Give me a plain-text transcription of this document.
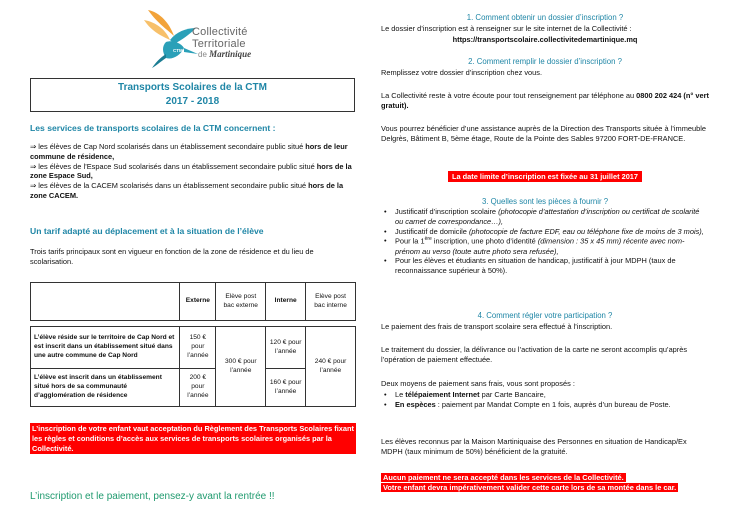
CTM
Collectivité
Territoriale
de Martinique
Transports Scolaires de la CTM
2017 - 2018
Les services de transports scolaires de la CTM concernent :
⇒ les élèves de Cap Nord scolarisés dans un établissement secondaire public situé hors de leur commune de résidence,
⇒ les élèves de l’Espace Sud scolarisés dans un établissement secondaire public situé hors de la zone Espace Sud,
⇒ les élèves de la CACEM scolarisés dans un établissement secondaire public situé hors de la zone CACEM.
Un tarif adapté au déplacement et à la situation de l’élève
Trois tarifs principaux sont en vigueur en fonction de la zone de résidence et du lieu de scolarisation.
	Externe	Elève post bac externe	Interne	Elève post bac interne

L’élève réside sur le territoire de Cap Nord et est inscrit dans un établissement situé dans une autre commune de Cap Nord	150 € pour l’année	300 € pour l’année	120 € pour l’année	240 € pour l’année
L’élève est inscrit dans un établissement situé hors de sa communauté d’agglomération de résidence	200 € pour l’année		160 € pour l’année	
L’inscription de votre enfant vaut acceptation du Règlement des Transports Scolaires fixant les règles et conditions d’accès aux services de transports scolaires organisés par la Collectivité.
L’inscription et le paiement, pensez-y avant la rentrée !!
1. Comment obtenir un dossier d’inscription ?
Le dossier d’inscription est à renseigner sur le site internet de la Collectivité :
https://transportscolaire.collectivitedemartinique.mq
2. Comment remplir le dossier d’inscription ?
Remplissez votre dossier d’inscription chez vous.
La Collectivité reste à votre écoute pour tout renseignement par téléphone au 0800 202 424 (n° vert gratuit).
Vous pourrez bénéficier d’une assistance auprès de la Direction des Transports située à l’immeuble Delgrès, Bâtiment B, 5ème étage, Route de la Pointe des Sables 97200 FORT-DE-FRANCE.
La date limite d’inscription est fixée au 31 juillet 2017
3. Quelles sont les pièces à fournir ?
• Justificatif d’inscription scolaire (photocopie d’attestation d’inscription ou certificat de scolarité ou carnet de correspondance…),
• Justificatif de domicile (photocopie de facture EDF, eau ou téléphone fixe de moins de 3 mois),
• Pour la 1ère inscription, une photo d’identité (dimension : 35 x 45 mm) récente avec nom-prénom au verso (toute autre photo sera refusée),
• Pour les élèves et étudiants en situation de handicap, justificatif à jour MDPH (taux de reconnaissance supérieur à 50%).
4. Comment régler votre participation ?
Le paiement des frais de transport scolaire sera effectué à l’inscription.
Le traitement du dossier, la délivrance ou l’activation de la carte ne seront accomplis qu’après l’opération de paiement effectuée.
Deux moyens de paiement sans frais, vous sont proposés :
• Le télépaiement Internet par Carte Bancaire,
• En espèces : paiement par Mandat Compte en 1 fois, auprès d’un bureau de Poste.
Les élèves reconnus par la Maison Martiniquaise des Personnes en situation de Handicap/Ex MDPH (taux minimum de 50%) bénéficient de la gratuité.
Aucun paiement ne sera accepté dans les services de la Collectivité.
Votre enfant devra impérativement valider cette carte lors de sa montée dans le car.
